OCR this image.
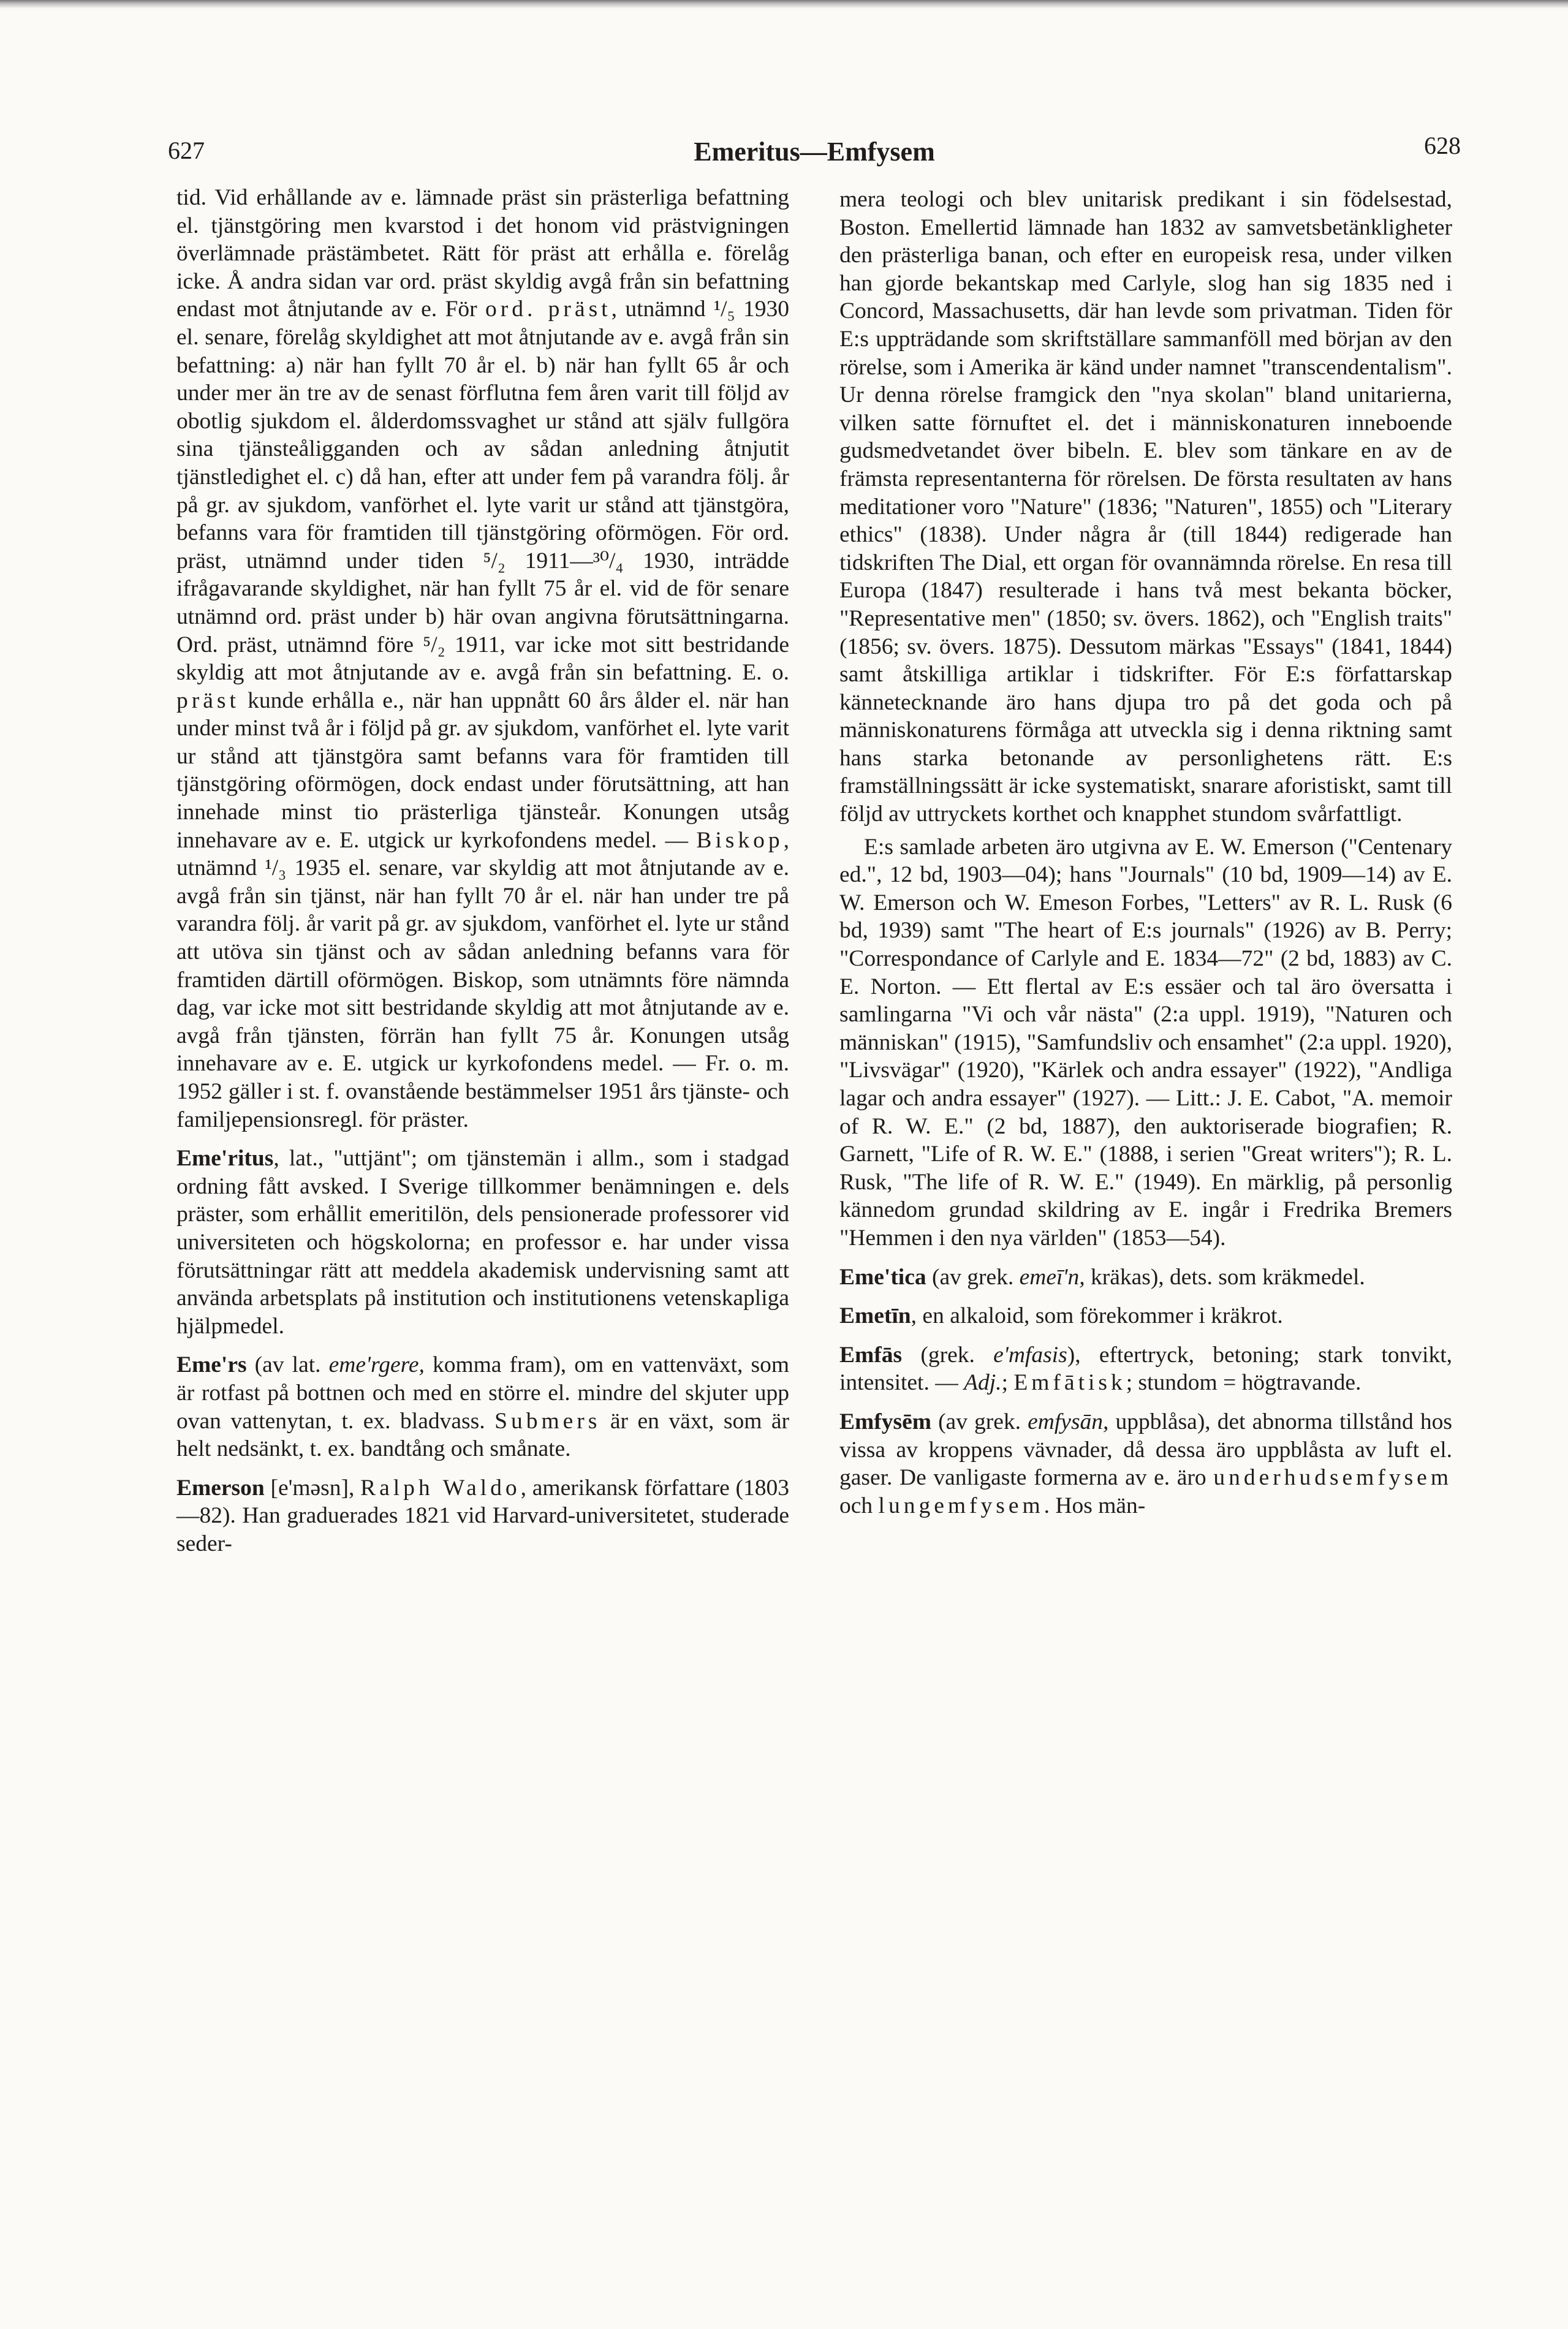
627	Emeritus—Emfysem	628

tid. Vid erhållande av e. lämnade präst sin prästerliga befattning el. tjänstgöring men kvarstod i det honom vid prästvigningen överlämnade prästämbetet. Rätt för präst att erhålla e. förelåg icke. Å andra sidan var ord. präst skyldig avgå från sin befattning endast mot åtnjutande av e. För ord. präst, utnämnd ¹/₅ 1930 el. senare, förelåg skyldighet att mot åtnjutande av e. avgå från sin befattning: a) när han fyllt 70 år el. b) när han fyllt 65 år och under mer än tre av de senast förflutna fem åren varit till följd av obotlig sjukdom el. ålderdomssvaghet ur stånd att själv fullgöra sina tjänsteåligganden och av sådan anledning åtnjutit tjänstledighet el. c) då han, efter att under fem på varandra följ. år på gr. av sjukdom, vanförhet el. lyte varit ur stånd att tjänstgöra, befanns vara för framtiden till tjänstgöring oförmögen. För ord. präst, utnämnd under tiden ⁵/₂ 1911—³⁰/₄ 1930, inträdde ifrågavarande skyldighet, när han fyllt 75 år el. vid de för senare utnämnd ord. präst under b) här ovan angivna förutsättningarna. Ord. präst, utnämnd före ⁵/₂ 1911, var icke mot sitt bestridande skyldig att mot åtnjutande av e. avgå från sin befattning. E. o. präst kunde erhålla e., när han uppnått 60 års ålder el. när han under minst två år i följd på gr. av sjukdom, vanförhet el. lyte varit ur stånd att tjänstgöra samt befanns vara för framtiden till tjänstgöring oförmögen, dock endast under förutsättning, att han innehade minst tio prästerliga tjänsteår. Konungen utsåg innehavare av e. E. utgick ur kyrkofondens medel. — Biskop, utnämnd ¹/₃ 1935 el. senare, var skyldig att mot åtnjutande av e. avgå från sin tjänst, när han fyllt 70 år el. när han under tre på varandra följ. år varit på gr. av sjukdom, vanförhet el. lyte ur stånd att utöva sin tjänst och av sådan anledning befanns vara för framtiden därtill oförmögen. Biskop, som utnämnts före nämnda dag, var icke mot sitt bestridande skyldig att mot åtnjutande av e. avgå från tjänsten, förrän han fyllt 75 år. Konungen utsåg innehavare av e. E. utgick ur kyrkofondens medel. — Fr. o. m. 1952 gäller i st. f. ovanstående bestämmelser 1951 års tjänste- och familjepensionsregl. för präster.

Eme'ritus, lat., "uttjänt"; om tjänstemän i allm., som i stadgad ordning fått avsked. I Sverige tillkommer benämningen e. dels präster, som erhållit emeritilön, dels pensionerade professorer vid universiteten och högskolorna; en professor e. har under vissa förutsättningar rätt att meddela akademisk undervisning samt att använda arbetsplats på institution och institutionens vetenskapliga hjälpmedel.

Eme'rs (av lat. eme'rgere, komma fram), om en vattenväxt, som är rotfast på bottnen och med en större el. mindre del skjuter upp ovan vattenytan, t. ex. bladvass. Submers är en växt, som är helt nedsänkt, t. ex. bandtång och smånate.

Emerson [e'məsn], Ralph Waldo, amerikansk författare (1803—82). Han graduerades 1821 vid Harvard-universitetet, studerade seder-

mera teologi och blev unitarisk predikant i sin födelsestad, Boston. Emellertid lämnade han 1832 av samvetsbetänkligheter den prästerliga banan, och efter en europeisk resa, under vilken han gjorde bekantskap med Carlyle, slog han sig 1835 ned i Concord, Massachusetts, där han levde som privatman. Tiden för E:s uppträdande som skriftställare sammanföll med början av den rörelse, som i Amerika är känd under namnet "transcendentalism". Ur denna rörelse framgick den "nya skolan" bland unitarierna, vilken satte förnuftet el. det i människonaturen inneboende gudsmedvetandet över bibeln. E. blev som tänkare en av de främsta representanterna för rörelsen. De första resultaten av hans meditationer voro "Nature" (1836; "Naturen", 1855) och "Literary ethics" (1838). Under några år (till 1844) redigerade han tidskriften The Dial, ett organ för ovannämnda rörelse. En resa till Europa (1847) resulterade i hans två mest bekanta böcker, "Representative men" (1850; sv. övers. 1862), och "English traits" (1856; sv. övers. 1875). Dessutom märkas "Essays" (1841, 1844) samt åtskilliga artiklar i tidskrifter. För E:s författarskap kännetecknande äro hans djupa tro på det goda och på människonaturens förmåga att utveckla sig i denna riktning samt hans starka betonande av personlighetens rätt. E:s framställningssätt är icke systematiskt, snarare aforistiskt, samt till följd av uttryckets korthet och knapphet stundom svårfattligt.

E:s samlade arbeten äro utgivna av E. W. Emerson ("Centenary ed.", 12 bd, 1903—04); hans "Journals" (10 bd, 1909—14) av E. W. Emerson och W. Emeson Forbes, "Letters" av R. L. Rusk (6 bd, 1939) samt "The heart of E:s journals" (1926) av B. Perry; "Correspondance of Carlyle and E. 1834—72" (2 bd, 1883) av C. E. Norton. — Ett flertal av E:s essäer och tal äro översatta i samlingarna "Vi och vår nästa" (2:a uppl. 1919), "Naturen och människan" (1915), "Samfundsliv och ensamhet" (2:a uppl. 1920), "Livsvägar" (1920), "Kärlek och andra essayer" (1922), "Andliga lagar och andra essayer" (1927). — Litt.: J. E. Cabot, "A. memoir of R. W. E." (2 bd, 1887), den auktoriserade biografien; R. Garnett, "Life of R. W. E." (1888, i serien "Great writers"); R. L. Rusk, "The life of R. W. E." (1949). En märklig, på personlig kännedom grundad skildring av E. ingår i Fredrika Bremers "Hemmen i den nya världen" (1853—54).

Eme'tica (av grek. emeī'n, kräkas), dets. som kräkmedel.

Emetīn, en alkaloid, som förekommer i kräkrot.

Emfās (grek. e'mfasis), eftertryck, betoning; stark tonvikt, intensitet. — Adj.; Emfātisk; stundom = högtravande.

Emfysēm (av grek. emfysān, uppblåsa), det abnorma tillstånd hos vissa av kroppens vävnader, då dessa äro uppblåsta av luft el. gaser. De vanligaste formerna av e. äro underhudsemfysem och lungemfysem. Hos män-
